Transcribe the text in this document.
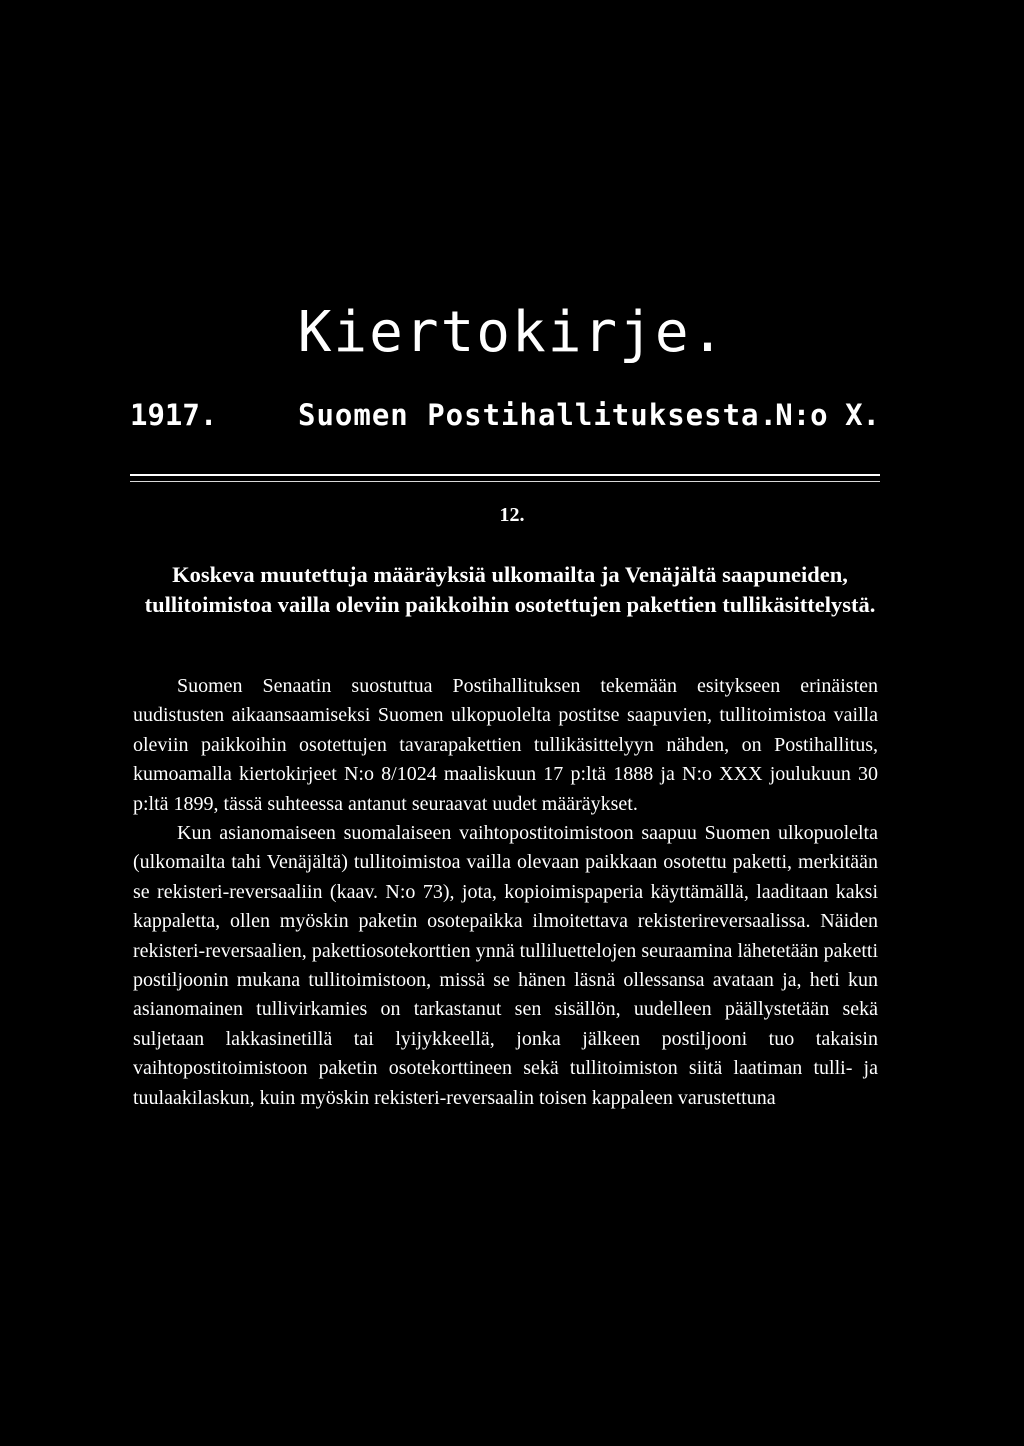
Kiertokirje.
1917.	Suomen Postihallituksesta.
N:o X.
12.
Koskeva muutettuja määräyksiä ulkomailta ja Venäjältä saapuneiden, tullitoimistoa vailla oleviin paikkoihin osotettujen pakettien tullikäsittelystä.

Suomen Senaatin suostuttua Postihallituksen tekemään esitykseen erinäisten uudistusten aikaansaamiseksi Suomen ulkopuolelta postitse saapuvien, tullitoimistoa vailla oleviin paikkoihin osotettujen tavarapakettien tullikäsittelyyn nähden, on Postihallitus, kumoamalla kiertokirjeet N:o 8/1024 maaliskuun 17 p:ltä 1888 ja N:o XXX joulukuun 30 p:ltä 1899, tässä suhteessa antanut seuraavat uudet määräykset.

Kun asianomaiseen suomalaiseen vaihtopostitoimistoon saapuu Suomen ulkopuolelta (ulkomailta tahi Venäjältä) tullitoimistoa vailla olevaan paikkaan osotettu paketti, merkitään se rekisteri-reversaaliin (kaav. N:o 73), jota, kopioimispaperia käyttämällä, laaditaan kaksi kappaletta, ollen myöskin paketin osotepaikka ilmoitettava rekisterireversaalissa. Näiden rekisteri-reversaalien, pakettiosotekorttien ynnä tulliluettelojen seuraamina lähetetään paketti postiljoonin mukana tullitoimistoon, missä se hänen läsnä ollessansa avataan ja, heti kun asianomainen tullivirkamies on tarkastanut sen sisällön, uudelleen päällystetään sekä suljetaan lakkasinetillä tai lyijykkeellä, jonka jälkeen postiljooni tuo takaisin vaihtopostitoimistoon paketin osotekorttineen sekä tullitoimiston siitä laatiman tulli- ja tuulaakilaskun, kuin myöskin rekisteri-reversaalin toisen kappaleen varustettuna
